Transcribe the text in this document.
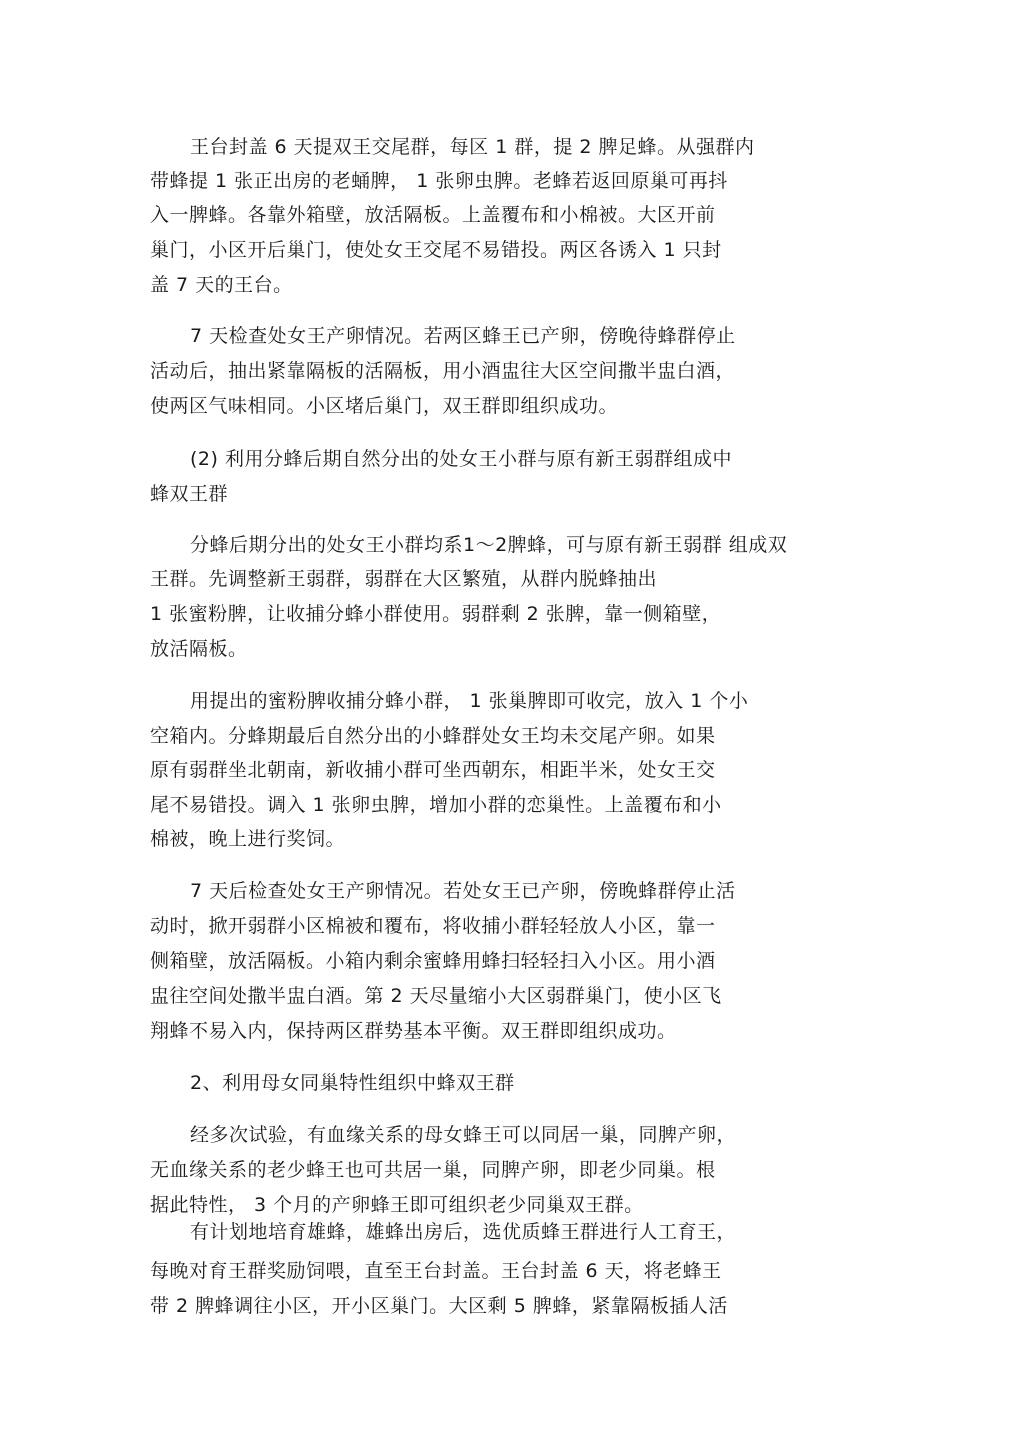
王台封盖 6 天提双王交尾群，每区 1 群，提 2 脾足蜂。从强群内
带蜂提 1 张正出房的老蛹脾， 1 张卵虫脾。老蜂若返回原巢可再抖
入一脾蜂。各靠外箱壁，放活隔板。上盖覆布和小棉被。大区开前
巢门，小区开后巢门，使处女王交尾不易错投。两区各诱入 1 只封
盖 7 天的王台。
7 天检查处女王产卵情况。若两区蜂王已产卵，傍晚待蜂群停止
活动后，抽出紧靠隔板的活隔板，用小酒盅往大区空间撒半盅白酒，
使两区气味相同。小区堵后巢门，双王群即组织成功。
(2) 利用分蜂后期自然分出的处女王小群与原有新王弱群组成中
蜂双王群
分蜂后期分出的处女王小群均系1〜2脾蜂，可与原有新王弱群 组成双
王群。先调整新王弱群，弱群在大区繁殖，从群内脱蜂抽出
1 张蜜粉脾，让收捕分蜂小群使用。弱群剩 2 张脾，靠一侧箱壁，
放活隔板。
用提出的蜜粉脾收捕分蜂小群， 1 张巢脾即可收完，放入 1 个小
空箱内。分蜂期最后自然分出的小蜂群处女王均未交尾产卵。如果
原有弱群坐北朝南，新收捕小群可坐西朝东，相距半米，处女王交
尾不易错投。调入 1 张卵虫脾，增加小群的恋巢性。上盖覆布和小
棉被，晚上进行奖饲。
7 天后检查处女王产卵情况。若处女王已产卵，傍晚蜂群停止活
动时，掀开弱群小区棉被和覆布，将收捕小群轻轻放人小区，靠一
侧箱壁，放活隔板。小箱内剩余蜜蜂用蜂扫轻轻扫入小区。用小酒
盅往空间处撒半盅白酒。第 2 天尽量缩小大区弱群巢门，使小区飞
翔蜂不易入内，保持两区群势基本平衡。双王群即组织成功。
2、利用母女同巢特性组织中蜂双王群
经多次试验，有血缘关系的母女蜂王可以同居一巢，同脾产卵，
无血缘关系的老少蜂王也可共居一巢，同脾产卵，即老少同巢。根
据此特性， 3 个月的产卵蜂王即可组织老少同巢双王群。
有计划地培育雄蜂，雄蜂出房后，选优质蜂王群进行人工育王，
每晚对育王群奖励饲喂，直至王台封盖。王台封盖 6 天，将老蜂王
带 2 脾蜂调往小区，开小区巢门。大区剩 5 脾蜂，紧靠隔板插人活
